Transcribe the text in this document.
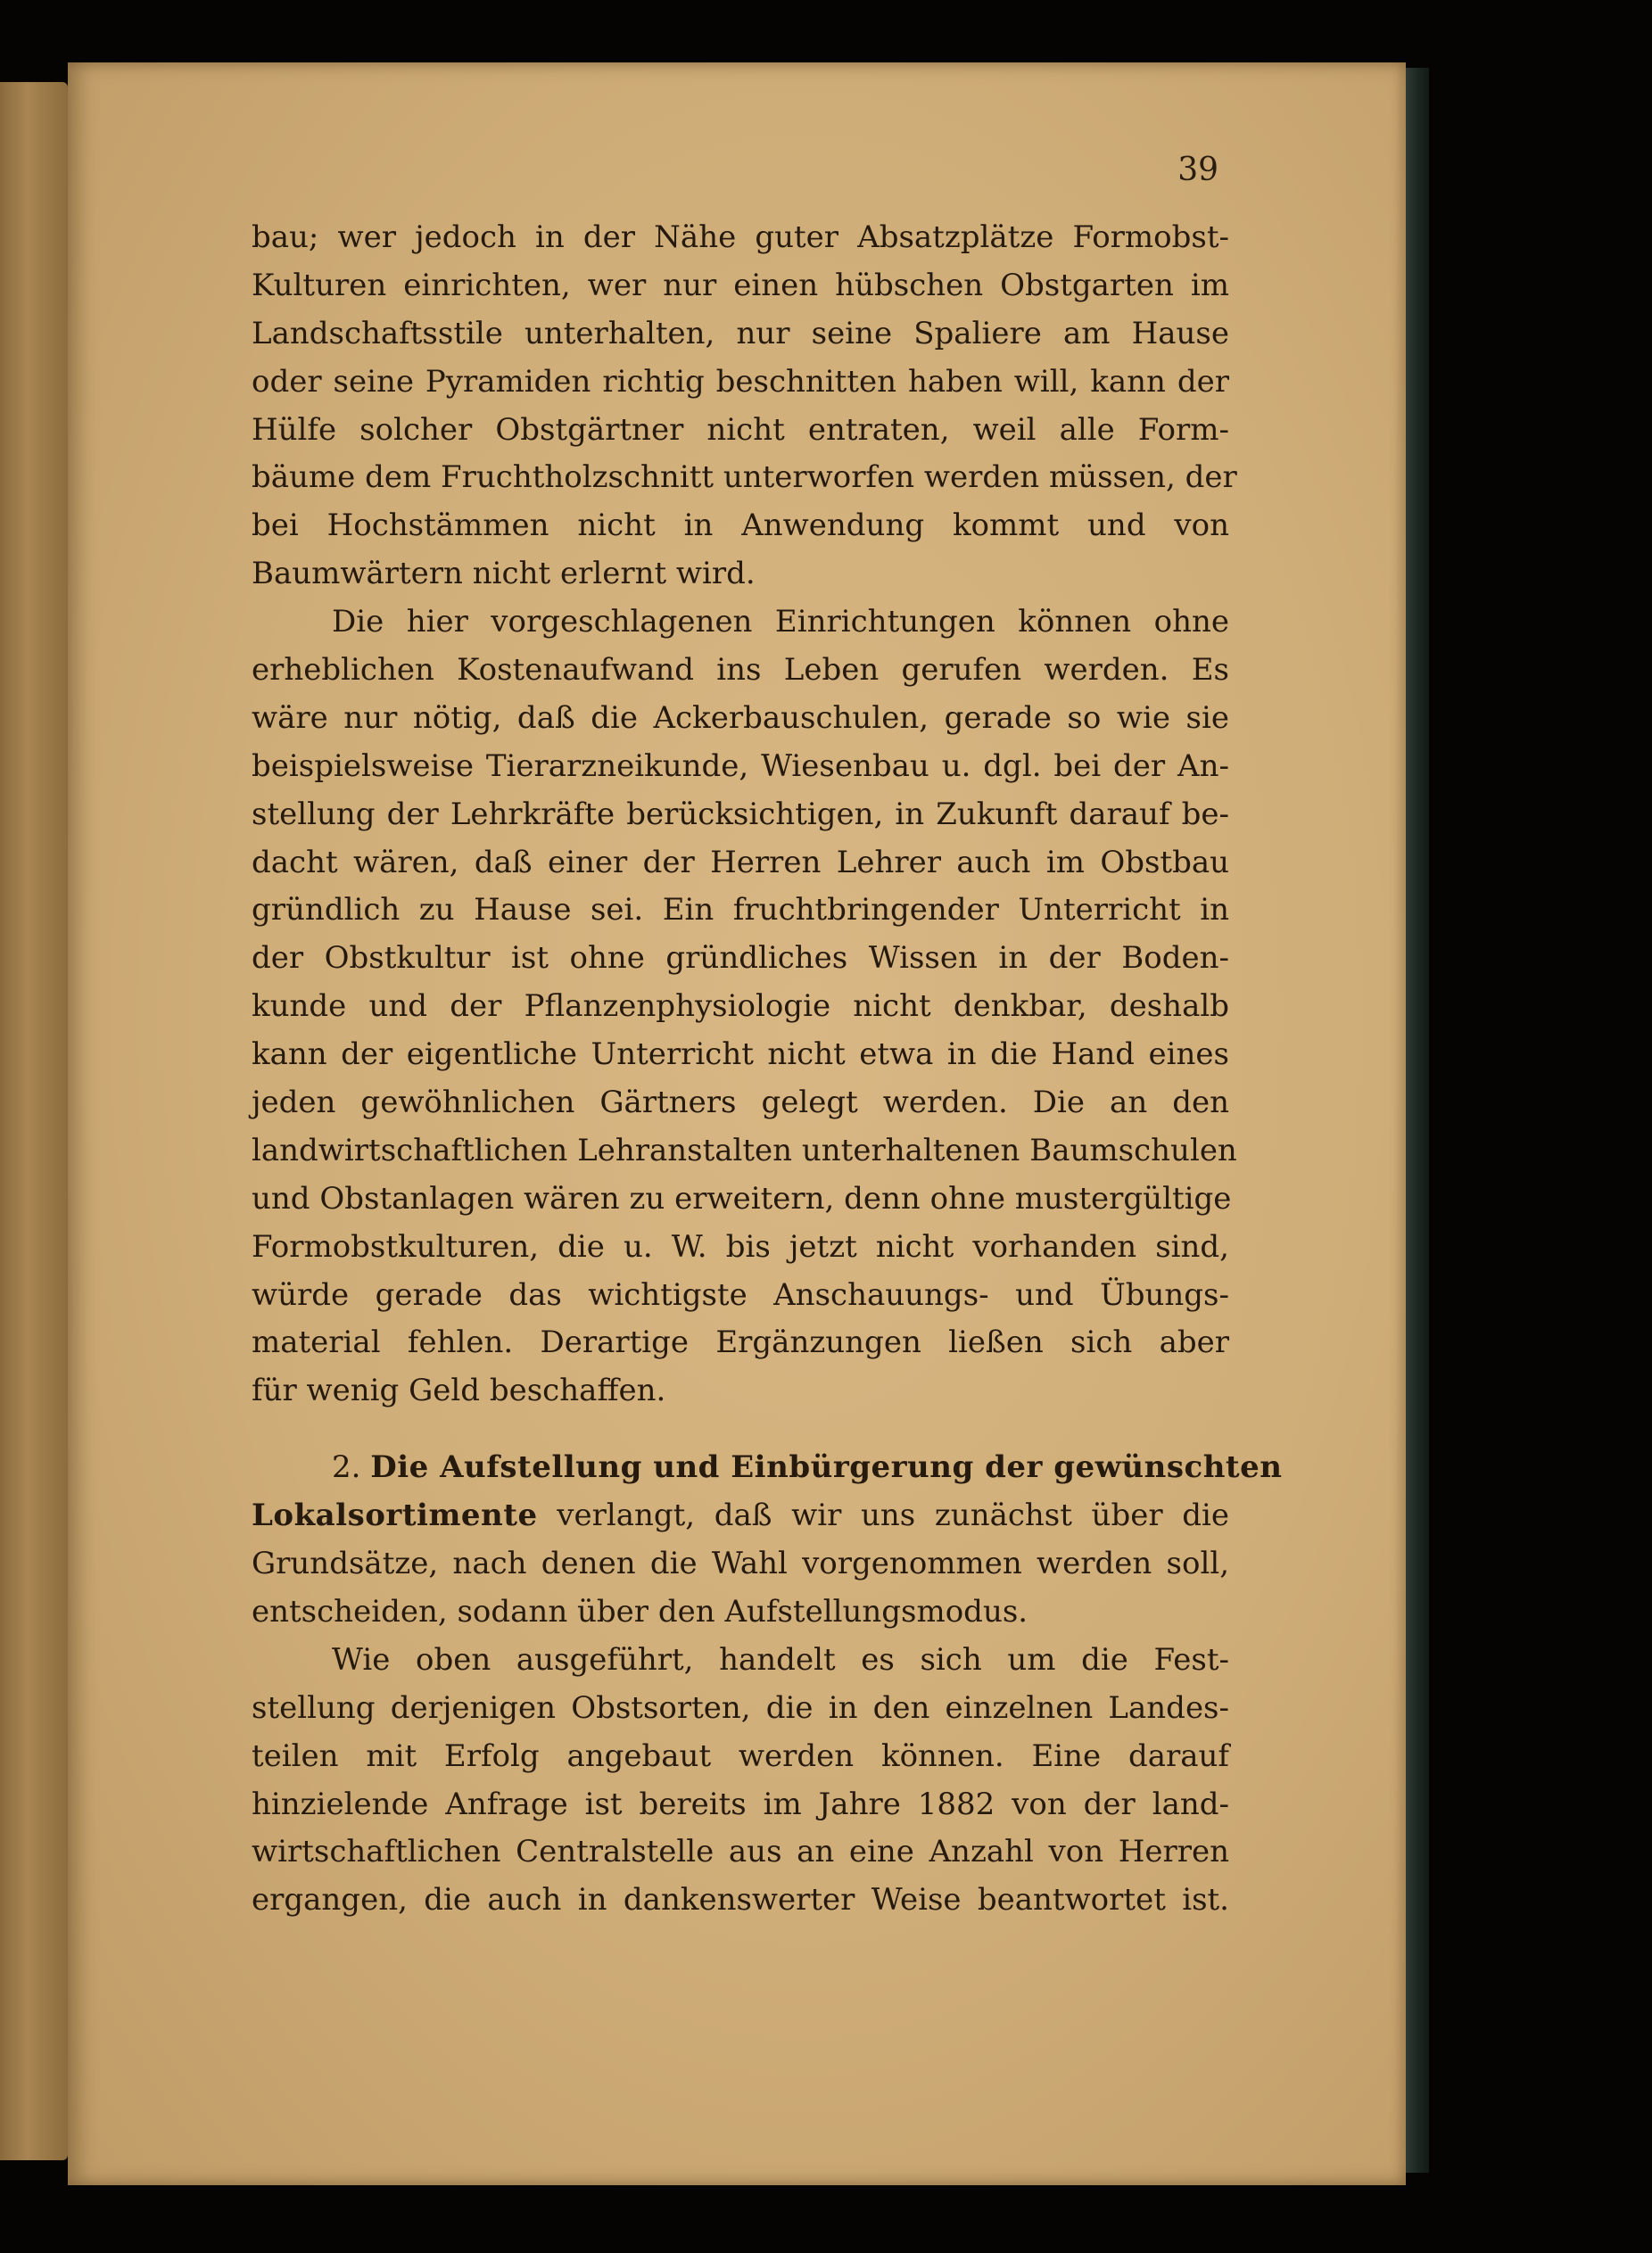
39
bau; wer jedoch in der Nähe guter Absatzplätze Formobst-
Kulturen einrichten, wer nur einen hübschen Obstgarten im
Landschaftsstile unterhalten, nur seine Spaliere am Hause
oder seine Pyramiden richtig beschnitten haben will, kann der
Hülfe solcher Obstgärtner nicht entraten, weil alle Form-
bäume dem Fruchtholzschnitt unterworfen werden müssen, der
bei Hochstämmen nicht in Anwendung kommt und von
Baumwärtern nicht erlernt wird.
Die hier vorgeschlagenen Einrichtungen können ohne
erheblichen Kostenaufwand ins Leben gerufen werden. Es
wäre nur nötig, daß die Ackerbauschulen, gerade so wie sie
beispielsweise Tierarzneikunde, Wiesenbau u. dgl. bei der An-
stellung der Lehrkräfte berücksichtigen, in Zukunft darauf be-
dacht wären, daß einer der Herren Lehrer auch im Obstbau
gründlich zu Hause sei. Ein fruchtbringender Unterricht in
der Obstkultur ist ohne gründliches Wissen in der Boden-
kunde und der Pflanzenphysiologie nicht denkbar, deshalb
kann der eigentliche Unterricht nicht etwa in die Hand eines
jeden gewöhnlichen Gärtners gelegt werden. Die an den
landwirtschaftlichen Lehranstalten unterhaltenen Baumschulen
und Obstanlagen wären zu erweitern, denn ohne mustergültige
Formobstkulturen, die u. W. bis jetzt nicht vorhanden sind,
würde gerade das wichtigste Anschauungs- und Übungs-
material fehlen. Derartige Ergänzungen ließen sich aber
für wenig Geld beschaffen.
2. Die Aufstellung und Einbürgerung der gewünschten
Lokalsortimente verlangt, daß wir uns zunächst über die
Grundsätze, nach denen die Wahl vorgenommen werden soll,
entscheiden, sodann über den Aufstellungsmodus.
Wie oben ausgeführt, handelt es sich um die Fest-
stellung derjenigen Obstsorten, die in den einzelnen Landes-
teilen mit Erfolg angebaut werden können. Eine darauf
hinzielende Anfrage ist bereits im Jahre 1882 von der land-
wirtschaftlichen Centralstelle aus an eine Anzahl von Herren
ergangen, die auch in dankenswerter Weise beantwortet ist.
